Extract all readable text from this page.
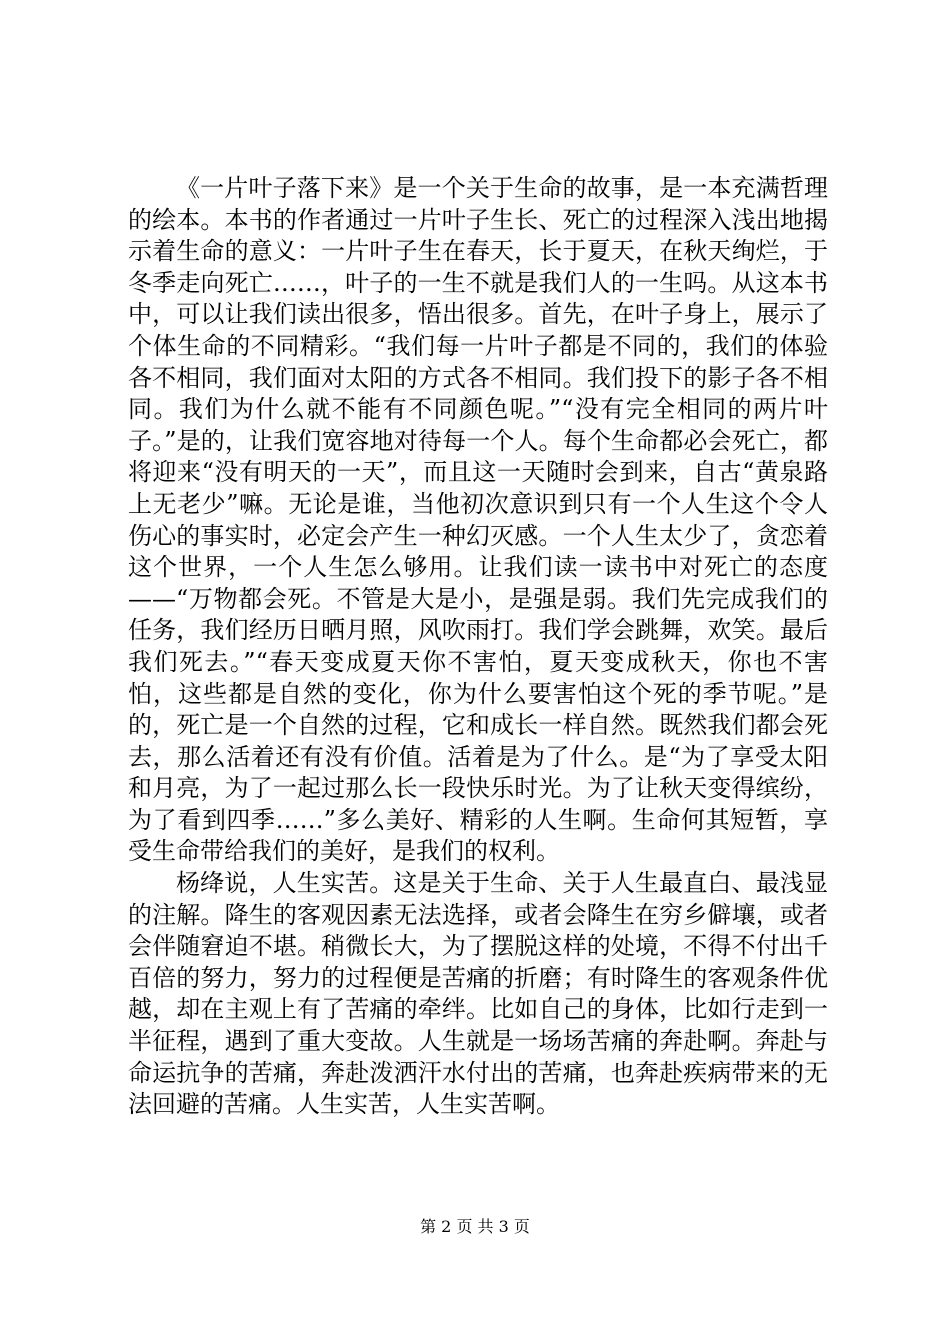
《一片叶子落下来》是一个关于生命的故事，是一本充满哲理的绘本。本书的作者通过一片叶子生长、死亡的过程深入浅出地揭示着生命的意义：一片叶子生在春天，长于夏天，在秋天绚烂，于冬季走向死亡……，叶子的一生不就是我们人的一生吗。从这本书中，可以让我们读出很多，悟出很多。首先，在叶子身上，展示了个体生命的不同精彩。“我们每一片叶子都是不同的，我们的体验各不相同，我们面对太阳的方式各不相同。我们投下的影子各不相同。我们为什么就不能有不同颜色呢。”“没有完全相同的两片叶子。”是的，让我们宽容地对待每一个人。每个生命都必会死亡，都将迎来“没有明天的一天”，而且这一天随时会到来，自古“黄泉路上无老少”嘛。无论是谁，当他初次意识到只有一个人生这个令人伤心的事实时，必定会产生一种幻灭感。一个人生太少了，贪恋着这个世界，一个人生怎么够用。让我们读一读书中对死亡的态度——“万物都会死。不管是大是小，是强是弱。我们先完成我们的任务，我们经历日晒月照，风吹雨打。我们学会跳舞，欢笑。最后我们死去。”“春天变成夏天你不害怕，夏天变成秋天，你也不害怕，这些都是自然的变化，你为什么要害怕这个死的季节呢。”是的，死亡是一个自然的过程，它和成长一样自然。既然我们都会死去，那么活着还有没有价值。活着是为了什么。是“为了享受太阳和月亮，为了一起过那么长一段快乐时光。为了让秋天变得缤纷，为了看到四季……”多么美好、精彩的人生啊。生命何其短暂，享受生命带给我们的美好，是我们的权利。

杨绛说，人生实苦。这是关于生命、关于人生最直白、最浅显的注解。降生的客观因素无法选择，或者会降生在穷乡僻壤，或者会伴随窘迫不堪。稍微长大，为了摆脱这样的处境，不得不付出千百倍的努力，努力的过程便是苦痛的折磨；有时降生的客观条件优越，却在主观上有了苦痛的牵绊。比如自己的身体，比如行走到一半征程，遇到了重大变故。人生就是一场场苦痛的奔赴啊。奔赴与命运抗争的苦痛，奔赴泼洒汗水付出的苦痛，也奔赴疾病带来的无法回避的苦痛。人生实苦，人生实苦啊。

第 2 页 共 3 页
